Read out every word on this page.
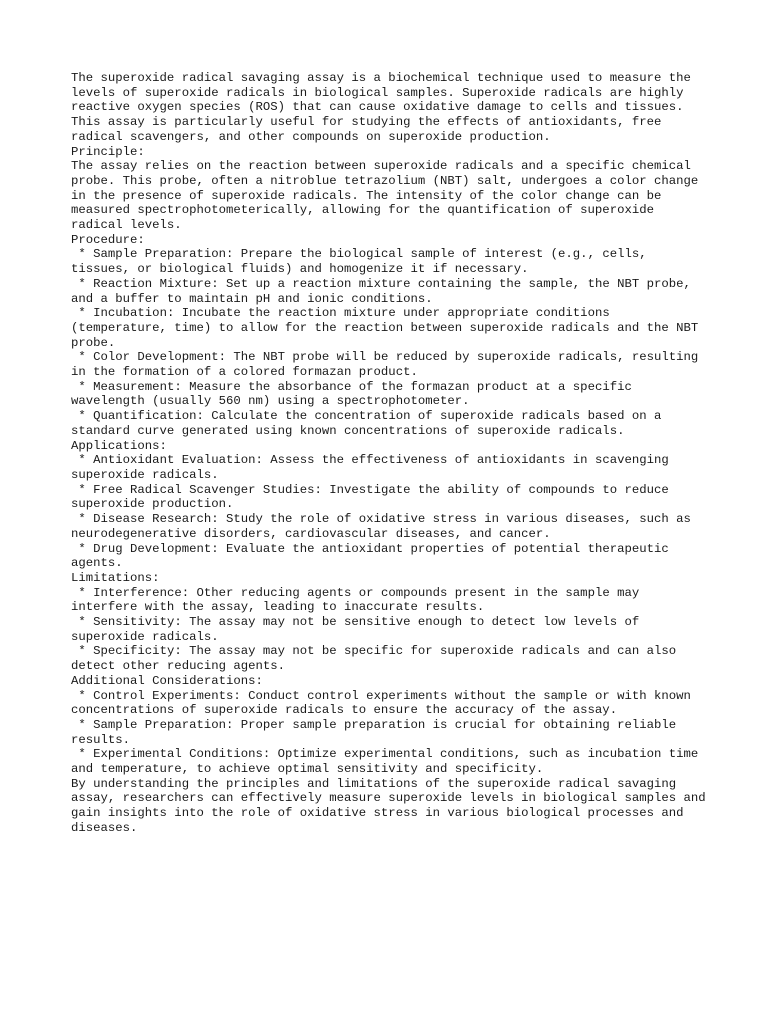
The superoxide radical savaging assay is a biochemical technique used to measure the levels of superoxide radicals in biological samples. Superoxide radicals are highly reactive oxygen species (ROS) that can cause oxidative damage to cells and tissues. This assay is particularly useful for studying the effects of antioxidants, free radical scavengers, and other compounds on superoxide production.

Principle:

The assay relies on the reaction between superoxide radicals and a specific chemical probe. This probe, often a nitroblue tetrazolium (NBT) salt, undergoes a color change in the presence of superoxide radicals. The intensity of the color change can be measured spectrophotometerically, allowing for the quantification of superoxide radical levels.

Procedure:

* Sample Preparation: Prepare the biological sample of interest (e.g., cells, tissues, or biological fluids) and homogenize it if necessary.

* Reaction Mixture: Set up a reaction mixture containing the sample, the NBT probe, and a buffer to maintain pH and ionic conditions.

* Incubation: Incubate the reaction mixture under appropriate conditions (temperature, time) to allow for the reaction between superoxide radicals and the NBT probe.

* Color Development: The NBT probe will be reduced by superoxide radicals, resulting in the formation of a colored formazan product.

* Measurement: Measure the absorbance of the formazan product at a specific wavelength (usually 560 nm) using a spectrophotometer.

* Quantification: Calculate the concentration of superoxide radicals based on a standard curve generated using known concentrations of superoxide radicals.

Applications:

* Antioxidant Evaluation: Assess the effectiveness of antioxidants in scavenging superoxide radicals.

* Free Radical Scavenger Studies: Investigate the ability of compounds to reduce superoxide production.

* Disease Research: Study the role of oxidative stress in various diseases, such as neurodegenerative disorders, cardiovascular diseases, and cancer.

* Drug Development: Evaluate the antioxidant properties of potential therapeutic agents.

Limitations:

* Interference: Other reducing agents or compounds present in the sample may interfere with the assay, leading to inaccurate results.

* Sensitivity: The assay may not be sensitive enough to detect low levels of superoxide radicals.

* Specificity: The assay may not be specific for superoxide radicals and can also detect other reducing agents.

Additional Considerations:

* Control Experiments: Conduct control experiments without the sample or with known concentrations of superoxide radicals to ensure the accuracy of the assay.

* Sample Preparation: Proper sample preparation is crucial for obtaining reliable results.

* Experimental Conditions: Optimize experimental conditions, such as incubation time and temperature, to achieve optimal sensitivity and specificity.

By understanding the principles and limitations of the superoxide radical savaging assay, researchers can effectively measure superoxide levels in biological samples and gain insights into the role of oxidative stress in various biological processes and diseases.
